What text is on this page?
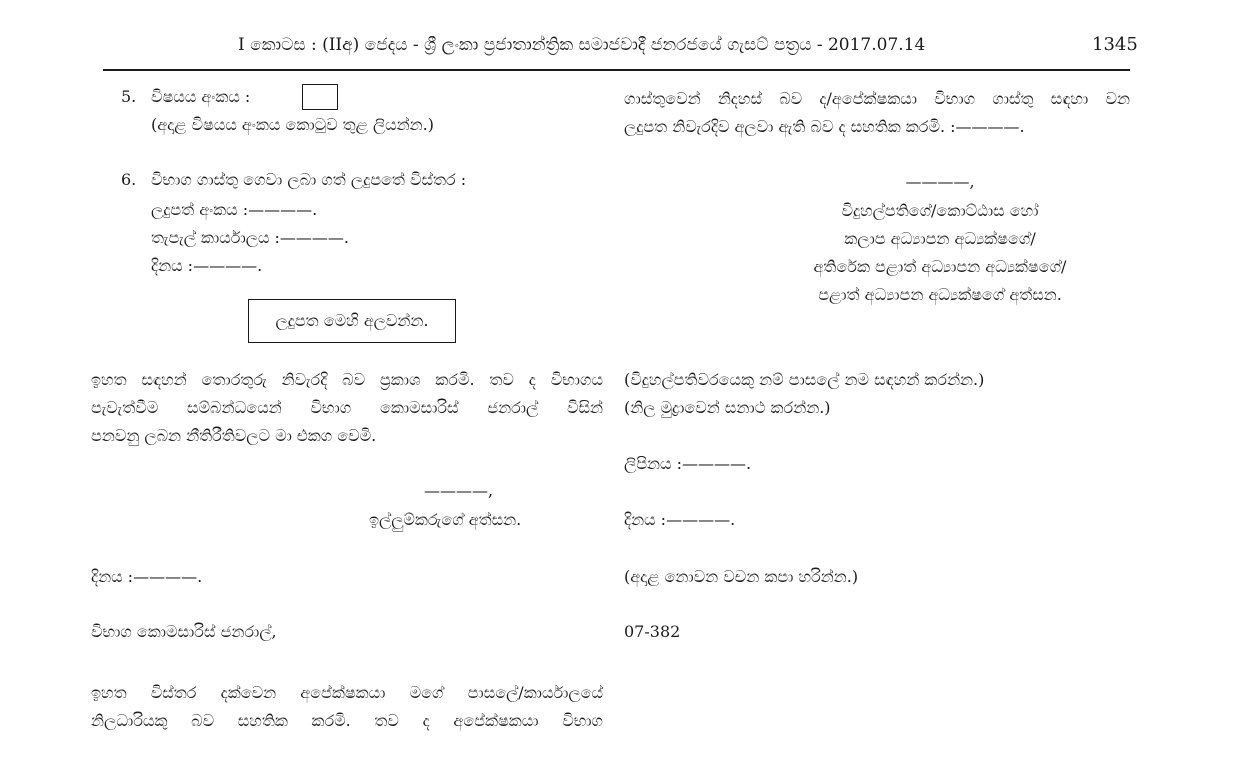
I කොටස : (IIඅ) ජෙදය - ශ්‍රී ලංකා ප්‍රජාතාන්ත්‍රික සමාජවාදී ජනරජයේ ගැසට් පත්‍රය - 2017.07.14	1345
5. විෂයය අංකය :
(අදාළ විෂයය අංකය කොටුව තුළ ලියන්න.)
6. විභාග ගාස්තු ගෙවා ලබා ගත් ලදුපතේ විස්තර :
ලදුපත් අංකය :————.
තැපැල් කාර්යාලය :————.
දිනය :————.
ලදුපත මෙහි අලවන්න.
ඉහත සඳහන් තොරතුරු නිවැරදි බව ප්‍රකාශ කරමි. තව ද විභාගය
පැවැත්වීම සම්බන්ධයෙන් විභාග කොමසාරිස් ජනරාල් විසින්
පනවනු ලබන නීතිරීතිවලට මා එකග වෙමි.
————,
ඉල්ලුම්කරුගේ අත්සන.
දිනය :————.
විභාග කොමසාරිස් ජනරාල්,
ඉහත විස්තර දක්වෙන අපේක්ෂකයා මගේ පාසලේ/කාර්යාලයේ
නිලධාරියකු බව සහතික කරමි. තව ද අපේක්ෂකයා විභාග
ගාස්තුවෙන් නිදහස් බව ද/අපේක්ෂකයා විභාග ගාස්තු සඳහා වන
ලදුපත නිවැරදිව අලවා ඇති බව ද සහතික කරමි. :————.
————,
විදුහල්පතිගේ/කොට්ඨාස හෝ
කලාප අධ්‍යාපන අධ්‍යක්ෂගේ/
අතිරේක පළාත් අධ්‍යාපන අධ්‍යක්ෂගේ/
පළාත් අධ්‍යාපන අධ්‍යක්ෂගේ අත්සන.
(විදුහල්පතිවරයෙකු නම් පාසලේ නම සඳහන් කරන්න.)
(නිල මුද්‍රාවෙන් සනාථ කරන්න.)
ලිපිනය :————.
දිනය :————.
(අදාළ නොවන වචන කපා හරින්න.)
07-382
